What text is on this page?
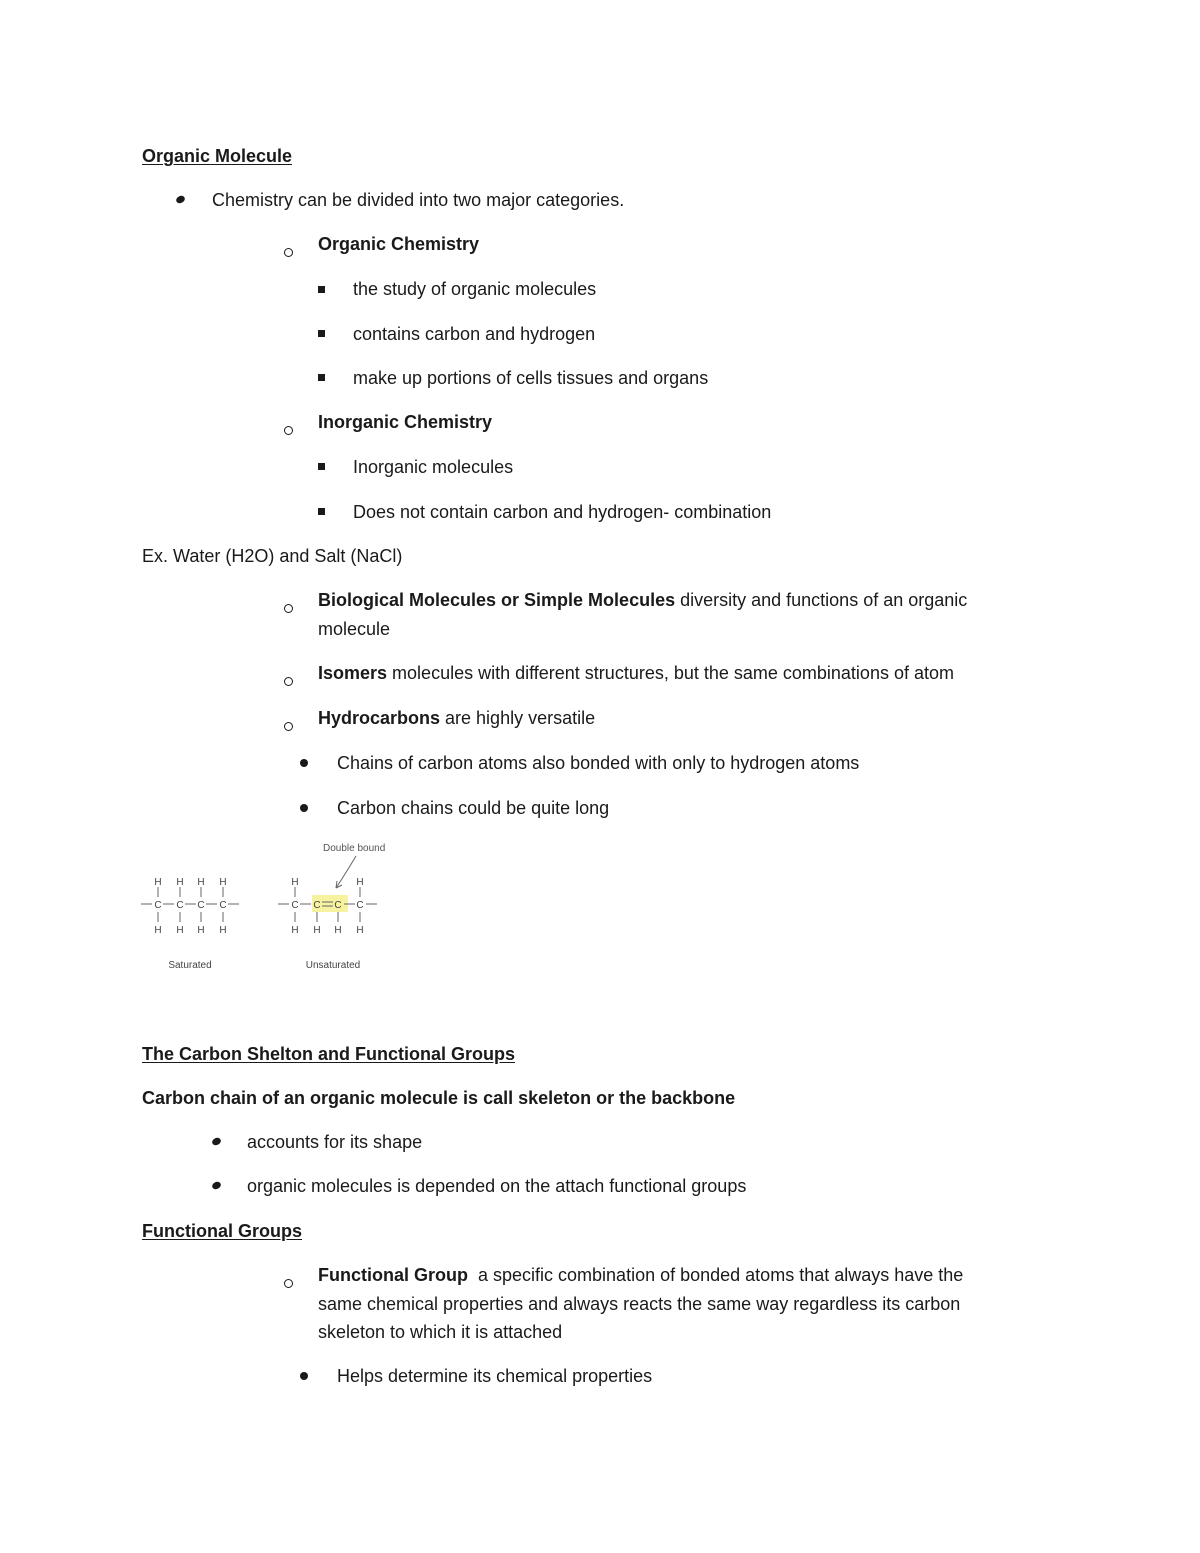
Organic Molecule
Chemistry can be divided into two major categories.
Organic Chemistry
the study of organic molecules
contains carbon and hydrogen
make up portions of cells tissues and organs
Inorganic Chemistry
Inorganic molecules
Does not contain carbon and hydrogen- combination
Ex. Water (H2O) and Salt (NaCl)
Biological Molecules or Simple Molecules diversity and functions of an organic
molecule
Isomers molecules with different structures, but the same combinations of atom
Hydrocarbons are highly versatile
Chains of carbon atoms also bonded with only to hydrogen atoms
Carbon chains could be quite long
Double bound
H H H H
C C C C
H H H H
Saturated
H	H
C C C C
H H H H
Unsaturated
The Carbon Shelton and Functional Groups
Carbon chain of an organic molecule is call skeleton or the backbone
accounts for its shape
organic molecules is depended on the attach functional groups
Functional Groups
Functional Group  a specific combination of bonded atoms that always have the
same chemical properties and always reacts the same way regardless its carbon
skeleton to which it is attached
Helps determine its chemical properties
